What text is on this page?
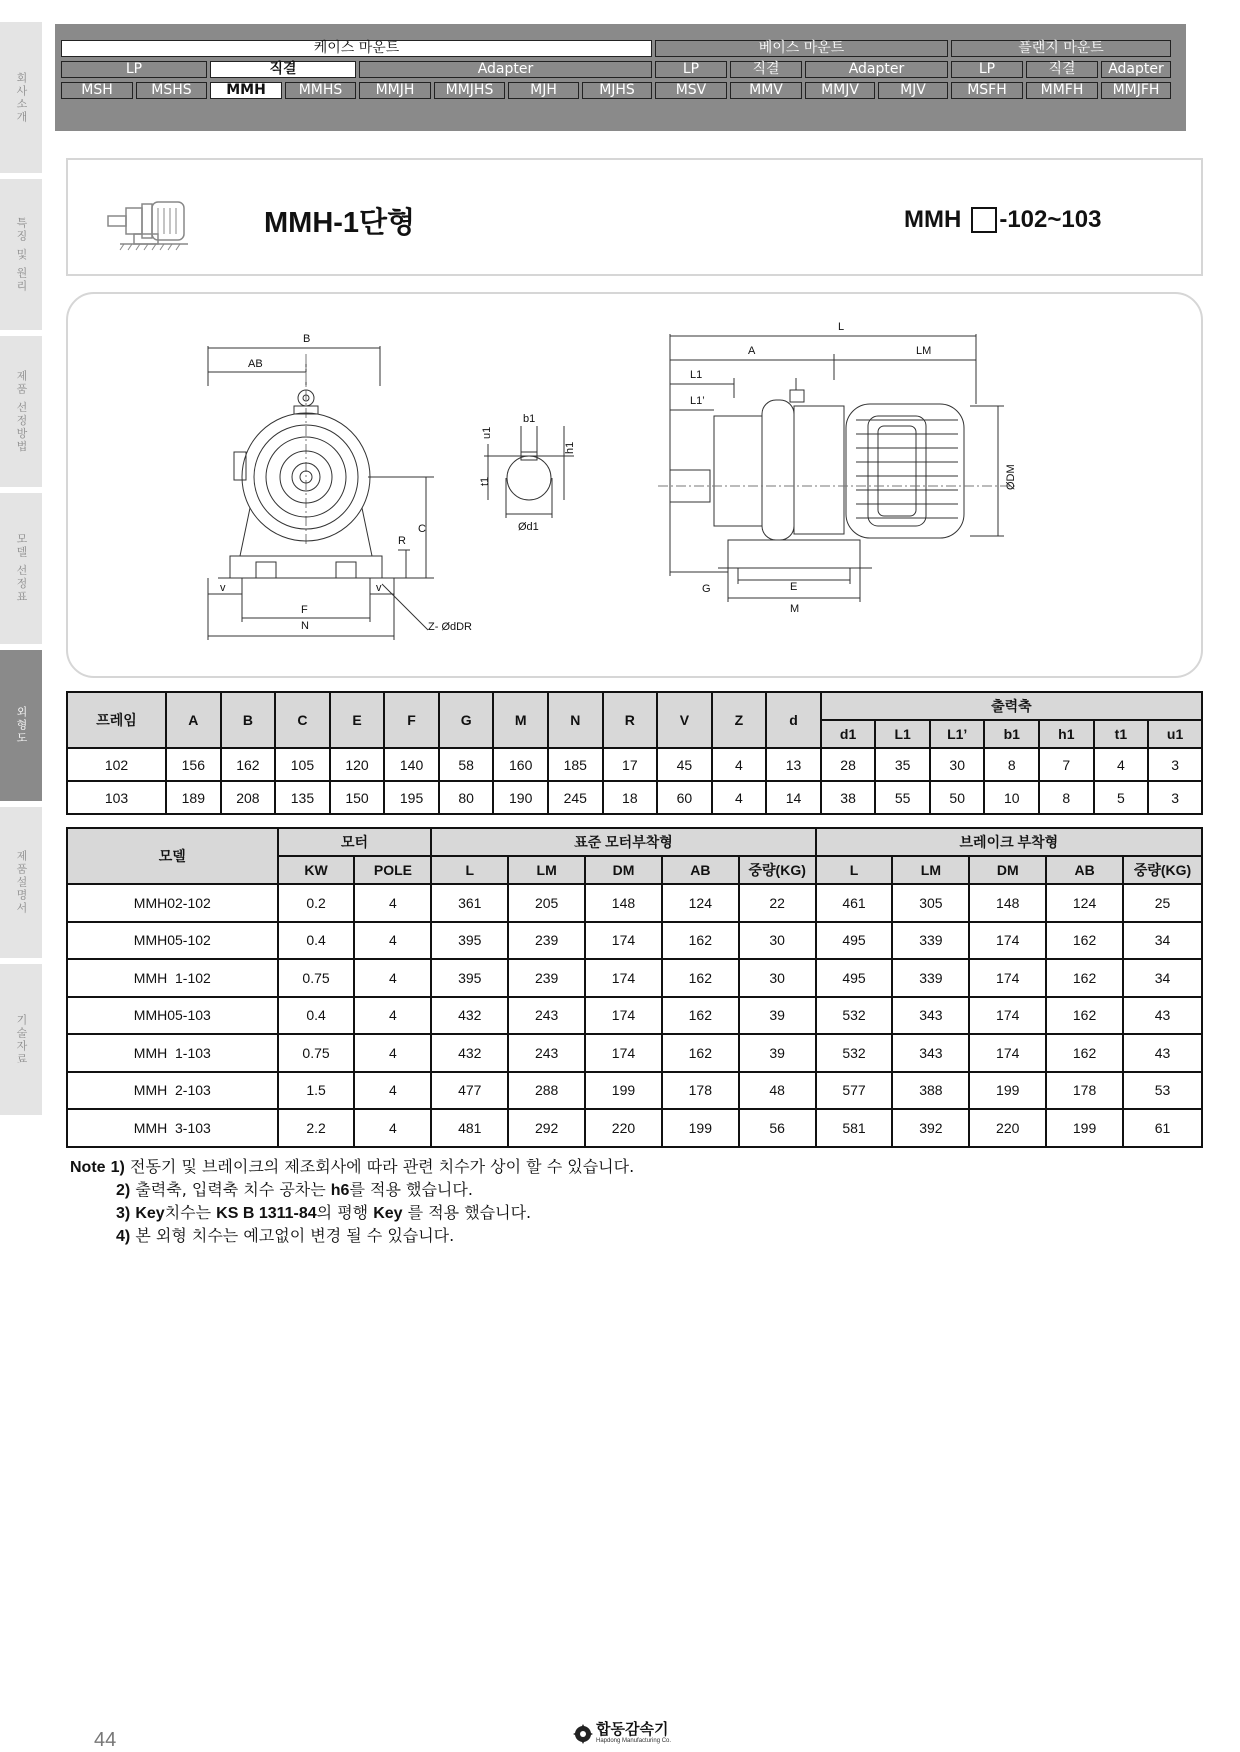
회사소개
특징 및 원리
제품 선정방법
모델 선정표
외형도
제품설명서
기술자료
케이스 마운트	베이스 마운트	플랜지 마운트
LP	직결	Adapter	LP	직결	Adapter	LP	직결	Adapter
MSH	MSHS	MMH	MMHS	MMJH	MMJHS	MJH	MJHS	MSV	MMV	MMJV	MJV	MSFH	MMFH	MMJFH
MMH-1단형	MMH -102~103
B
AB
C
R
v	v
F
N	Z- ØdDR
b1
u1
h1
t1
Ød1
L
A	LM
L1
L1’
ØDM
G	E
M
프레임	A	B	C	E	F	G	M	N	R	V	Z	d	출력축						
													d1	L1	L1’	b1	h1	t1	u1
102	156	162	105	120	140	58	160	185	17	45	4	13	28	35	30	8	7	4	3
103	189	208	135	150	195	80	190	245	18	60	4	14	38	55	50	10	8	5	3
모델	모터		표준 모터부착형					브레이크 부착형				
	KW	POLE	L	LM	DM	AB	중량(KG)	L	LM	DM	AB	중량(KG)
MMH02-102	0.2	4	361	205	148	124	22	461	305	148	124	25
MMH05-102	0.4	4	395	239	174	162	30	495	339	174	162	34
MMH  1-102	0.75	4	395	239	174	162	30	495	339	174	162	34
MMH05-103	0.4	4	432	243	174	162	39	532	343	174	162	43
MMH  1-103	0.75	4	432	243	174	162	39	532	343	174	162	43
MMH  2-103	1.5	4	477	288	199	178	48	577	388	199	178	53
MMH  3-103	2.2	4	481	292	220	199	56	581	392	220	199	61
Note 1) 전동기 및 브레이크의 제조회사에 따라 관련 치수가 상이 할 수 있습니다.
2) 출력축, 입력축 치수 공차는 h6를 적용 했습니다.
3) Key치수는 KS B 1311-84의 평행 Key 를 적용 했습니다.
4) 본 외형 치수는 예고없이 변경 될 수 있습니다.
44	합동감속기
Hapdong Manufacturing Co.
